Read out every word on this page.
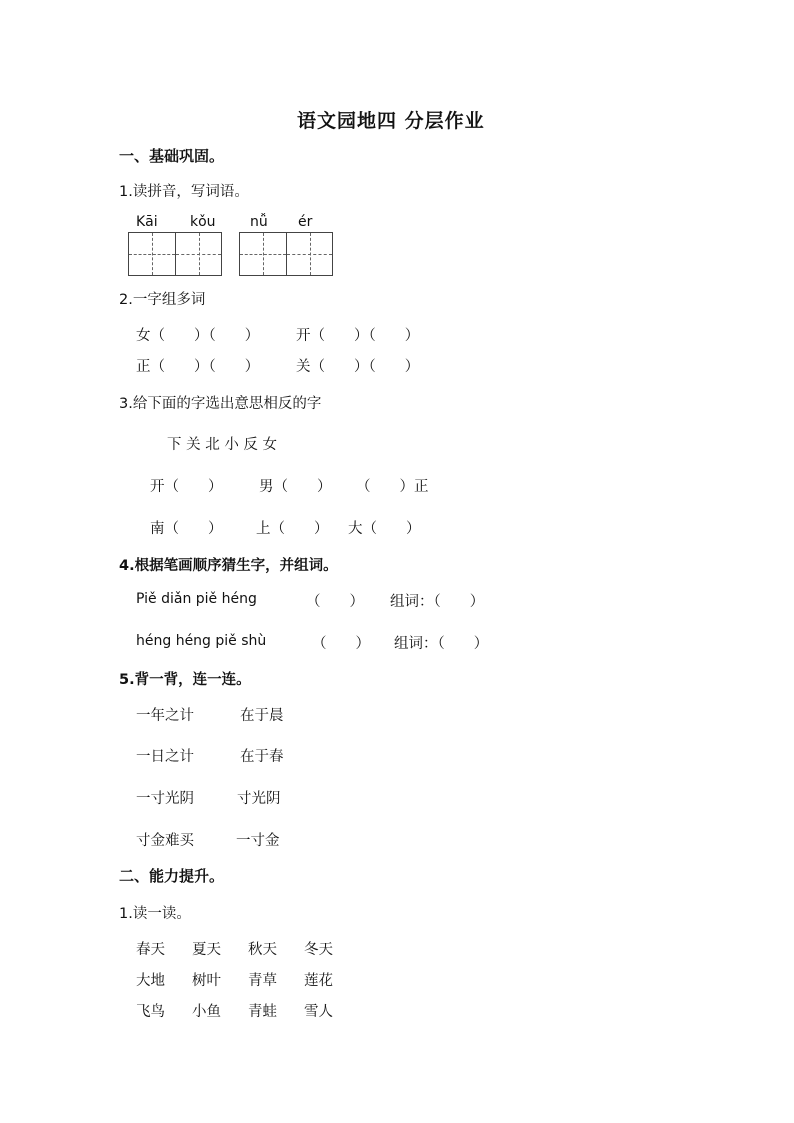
语文园地四 分层作业
一、基础巩固。
1.读拼音，写词语。
Kāi kǒu nǚ ér
2.一字组多词
女（　　）（　　）	开（　　）（　　）
正（　　）（　　）	关（　　）（　　）
3.给下面的字选出意思相反的字
下 关 北 小 反 女
开（　　）	男（　　） （　　）正
南（　　） 上（　　） 大（　　）
4.根据笔画顺序猜生字，并组词。
Piě diǎn piě héng	（　　） 组词：（　　）
héng héng piě shù	（　　） 组词：（　　）
5.背一背，连一连。
一年之计	在于晨
一日之计	在于春
一寸光阴	寸光阴
寸金难买	一寸金
二、能力提升。
1.读一读。
春天 夏天 秋天 冬天
大地 树叶 青草 莲花
飞鸟 小鱼 青蛙 雪人
